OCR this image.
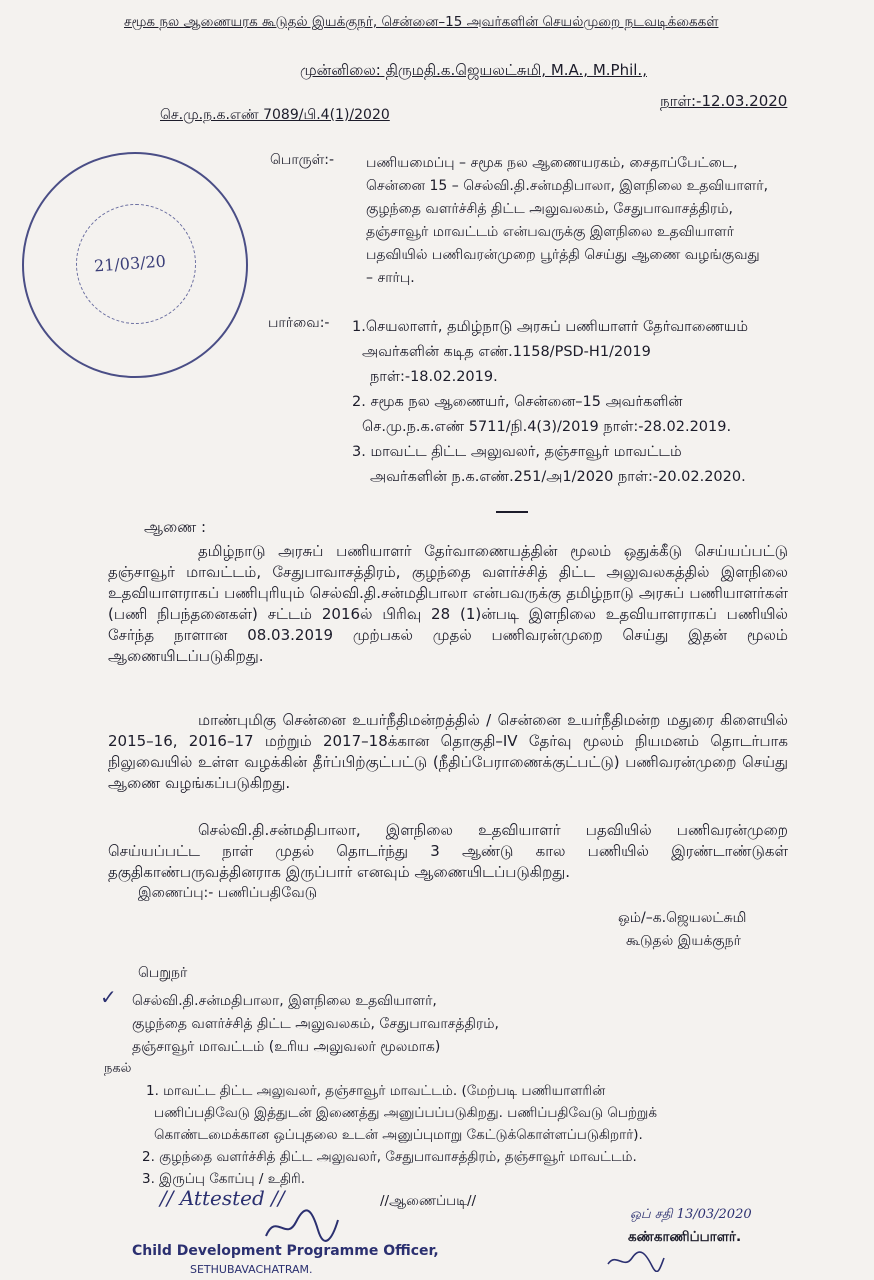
சமூக நல ஆணையரக கூடுதல் இயக்குநர், சென்னை–15 அவர்களின் செயல்முறை நடவடிக்கைகள்
முன்னிலை: திருமதி.க.ஜெயலட்சுமி, M.A., M.Phil.,
செ.மு.ந.க.எண் 7089/பி.4(1)/2020
நாள்:-12.03.2020
21/03/20
பொருள்:- பணியமைப்பு – சமூக நல ஆணையரகம், சைதாப்பேட்டை,
சென்னை 15 – செல்வி.தி.சன்மதிபாலா, இளநிலை உதவியாளர்,
குழந்தை வளர்ச்சித் திட்ட அலுவலகம், சேதுபாவாசத்திரம்,
தஞ்சாவூர் மாவட்டம் என்பவருக்கு இளநிலை உதவியாளர்
பதவியில் பணிவரன்முறை பூர்த்தி செய்து ஆணை வழங்குவது
– சார்பு.
பார்வை:- 1.செயலாளர், தமிழ்நாடு அரசுப் பணியாளர் தேர்வாணையம்
அவர்களின் கடித எண்.1158/PSD-H1/2019
நாள்:-18.02.2019.
2. சமூக நல ஆணையர், சென்னை–15 அவர்களின்
செ.மு.ந.க.எண் 5711/நி.4(3)/2019 நாள்:-28.02.2019.
3. மாவட்ட திட்ட அலுவலர், தஞ்சாவூர் மாவட்டம்
அவர்களின் ந.க.எண்.251/அ1/2020 நாள்:-20.02.2020.
ஆணை :
தமிழ்நாடு அரசுப் பணியாளர் தேர்வாணையத்தின் மூலம் ஒதுக்கீடு செய்யப்பட்டு தஞ்சாவூர் மாவட்டம், சேதுபாவாசத்திரம், குழந்தை வளர்ச்சித் திட்ட அலுவலகத்தில் இளநிலை உதவியாளராகப் பணிபுரியும் செல்வி.தி.சன்மதிபாலா என்பவருக்கு தமிழ்நாடு அரசுப் பணியாளர்கள் (பணி நிபந்தனைகள்) சட்டம் 2016ல் பிரிவு 28 (1)ன்படி இளநிலை உதவியாளராகப் பணியில் சேர்ந்த நாளான 08.03.2019 முற்பகல் முதல் பணிவரன்முறை செய்து இதன் மூலம் ஆணையிடப்படுகிறது.
மாண்புமிகு சென்னை உயர்நீதிமன்றத்தில் / சென்னை உயர்நீதிமன்ற மதுரை கிளையில் 2015–16, 2016–17 மற்றும் 2017–18க்கான தொகுதி–IV தேர்வு மூலம் நியமனம் தொடர்பாக நிலுவையில் உள்ள வழக்கின் தீர்ப்பிற்குட்பட்டு (நீதிப்பேராணைக்குட்பட்டு) பணிவரன்முறை செய்து ஆணை வழங்கப்படுகிறது.
செல்வி.தி.சன்மதிபாலா, இளநிலை உதவியாளர் பதவியில் பணிவரன்முறை செய்யப்பட்ட நாள் முதல் தொடர்ந்து 3 ஆண்டு கால பணியில் இரண்டாண்டுகள் தகுதிகாண்பருவத்தினராக இருப்பார் எனவும் ஆணையிடப்படுகிறது.
இணைப்பு:- பணிப்பதிவேடு
ஒம்/–க.ஜெயலட்சுமி
கூடுதல் இயக்குநர்
பெறுநர்
✓ செல்வி.தி.சன்மதிபாலா, இளநிலை உதவியாளர்,
குழந்தை வளர்ச்சித் திட்ட அலுவலகம், சேதுபாவாசத்திரம்,
தஞ்சாவூர் மாவட்டம் (உரிய அலுவலர் மூலமாக)
நகல்
1. மாவட்ட திட்ட அலுவலர், தஞ்சாவூர் மாவட்டம். (மேற்படி பணியாளரின்
பணிப்பதிவேடு இத்துடன் இணைத்து அனுப்பப்படுகிறது. பணிப்பதிவேடு பெற்றுக்
கொண்டமைக்கான ஒப்புதலை உடன் அனுப்புமாறு கேட்டுக்கொள்ளப்படுகிறார்).
2. குழந்தை வளர்ச்சித் திட்ட அலுவலர், சேதுபாவாசத்திரம், தஞ்சாவூர் மாவட்டம்.
3. இருப்பு கோப்பு / உதிரி.
// Attested //	//ஆணைப்படி//
Child Development Programme Officer,
SETHUBAVACHATRAM.
ஒப் சதி 13/03/2020
கண்காணிப்பாளர்.
